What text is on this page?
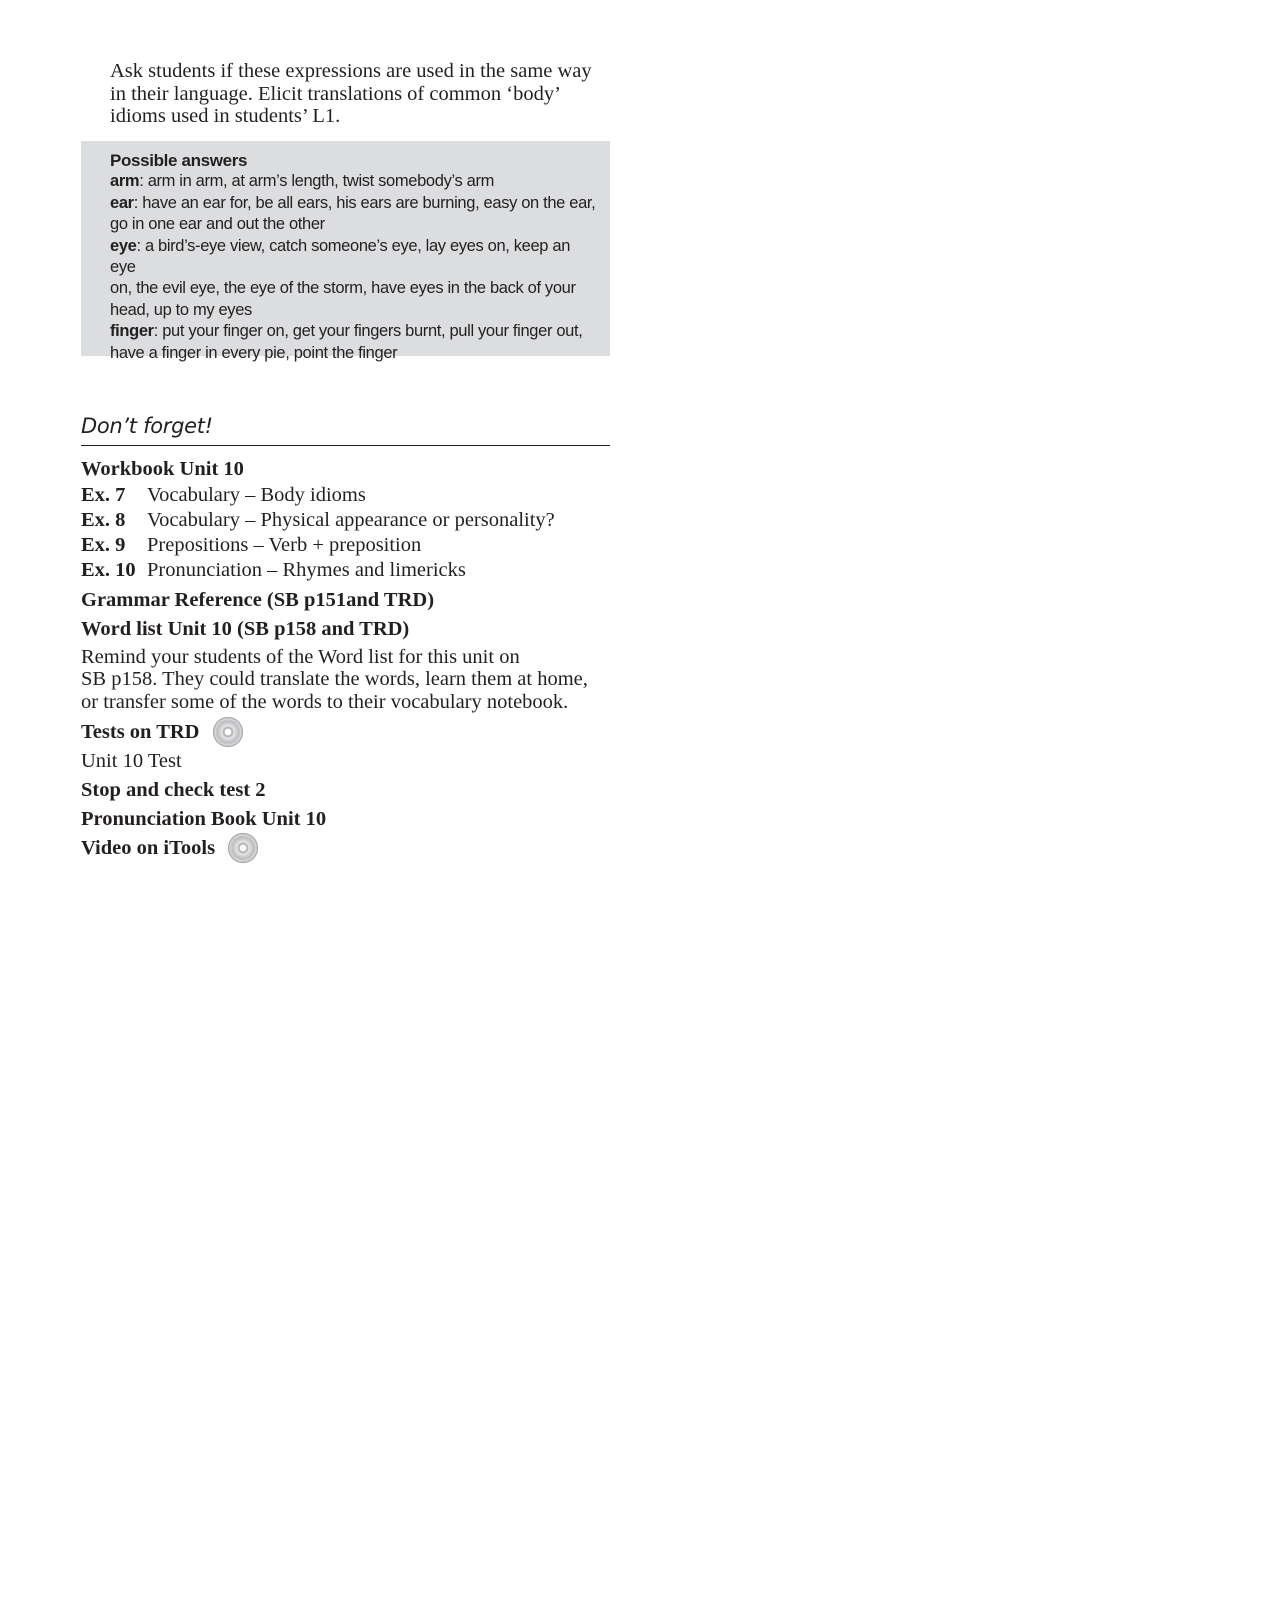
Ask students if these expressions are used in the same way
in their language. Elicit translations of common ‘body’
idioms used in students’ L1.

Possible answers

arm: arm in arm, at arm’s length, twist somebody’s arm

ear: have an ear for, be all ears, his ears are burning, easy on the ear,

go in one ear and out the other

eye: a bird’s-eye view, catch someone’s eye, lay eyes on, keep an eye

on, the evil eye, the eye of the storm, have eyes in the back of your

head, up to my eyes

finger: put your finger on, get your fingers burnt, pull your finger out,

have a finger in every pie, point the finger

Don’t forget!
Workbook Unit 10
Ex. 7	Vocabulary – Body idioms
Ex. 8	Vocabulary – Physical appearance or personality?
Ex. 9	Prepositions – Verb + preposition
Ex. 10 Pronunciation – Rhymes and limericks
Grammar Reference (SB p151and TRD)
Word list Unit 10 (SB p158 and TRD)
Remind your students of the Word list for this unit on
SB p158. They could translate the words, learn them at home,
or transfer some of the words to their vocabulary notebook.
Tests on TRD
Unit 10 Test
Stop and check test 2
Pronunciation Book Unit 10
Video on iTools
